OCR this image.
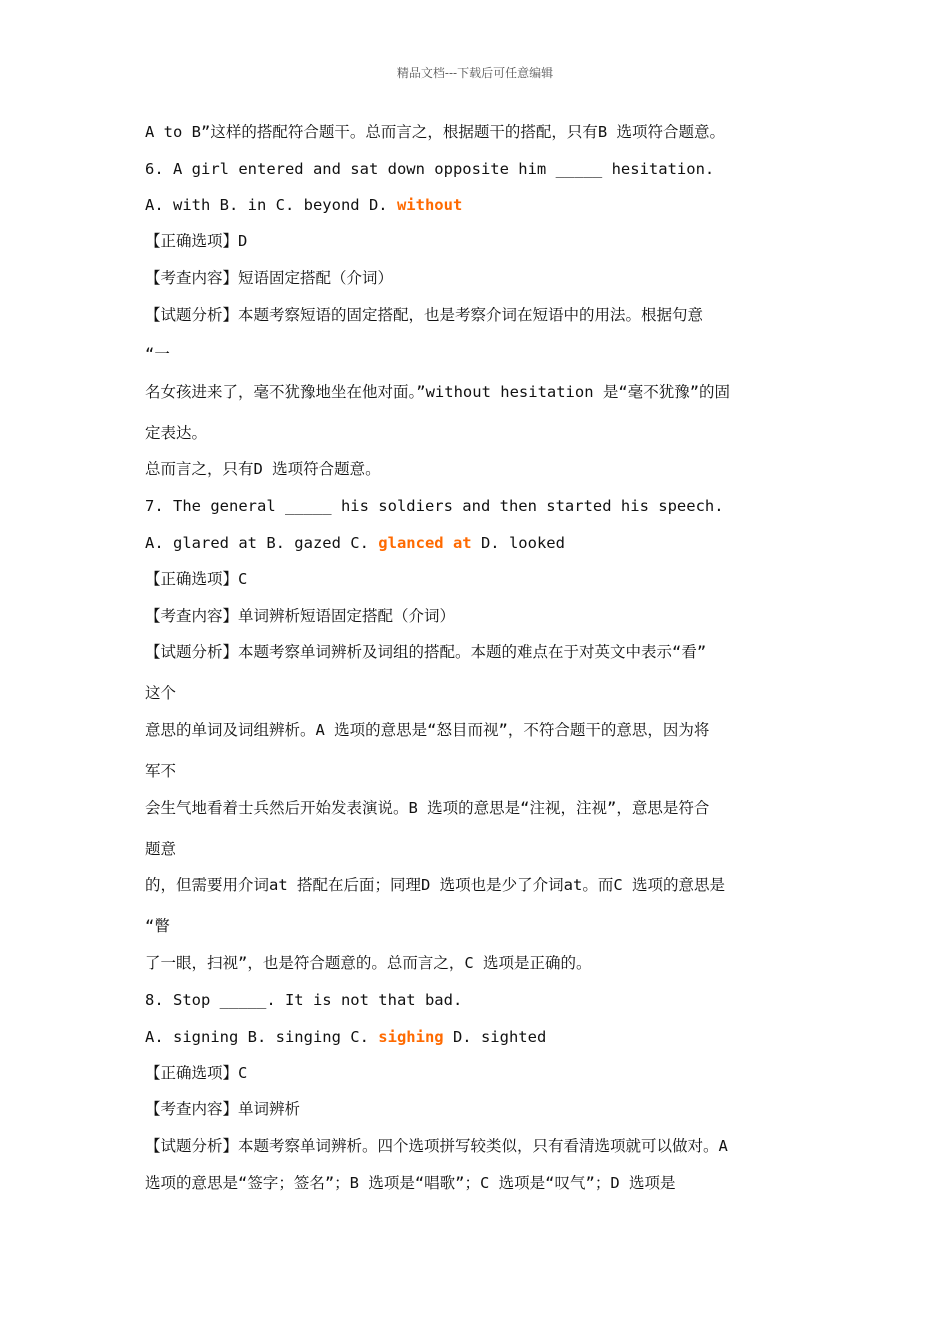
精品文档---下载后可任意编辑
A to B”这样的搭配符合题干。总而言之，根据题干的搭配，只有B 选项符合题意。
6. A girl entered and sat down opposite him _____ hesitation.
A. with B. in C. beyond D. without
【正确选项】D
【考查内容】短语固定搭配（介词）
【试题分析】本题考察短语的固定搭配，也是考察介词在短语中的用法。根据句意
“一
名女孩进来了，毫不犹豫地坐在他对面。”without hesitation 是“毫不犹豫”的固
定表达。
总而言之，只有D 选项符合题意。
7. The general _____ his soldiers and then started his speech.
A. glared at B. gazed C. glanced at D. looked
【正确选项】C
【考查内容】单词辨析短语固定搭配（介词）
【试题分析】本题考察单词辨析及词组的搭配。本题的难点在于对英文中表示“看”
这个
意思的单词及词组辨析。A 选项的意思是“怒目而视”，不符合题干的意思，因为将
军不
会生气地看着士兵然后开始发表演说。B 选项的意思是“注视，注视”，意思是符合
题意
的，但需要用介词at 搭配在后面；同理D 选项也是少了介词at。而C 选项的意思是
“瞥
了一眼，扫视”，也是符合题意的。总而言之，C 选项是正确的。
8. Stop _____. It is not that bad.
A. signing B. singing C. sighing D. sighted
【正确选项】C
【考查内容】单词辨析
【试题分析】本题考察单词辨析。四个选项拼写较类似，只有看清选项就可以做对。A
选项的意思是“签字；签名”；B 选项是“唱歌”；C 选项是“叹气”；D 选项是
